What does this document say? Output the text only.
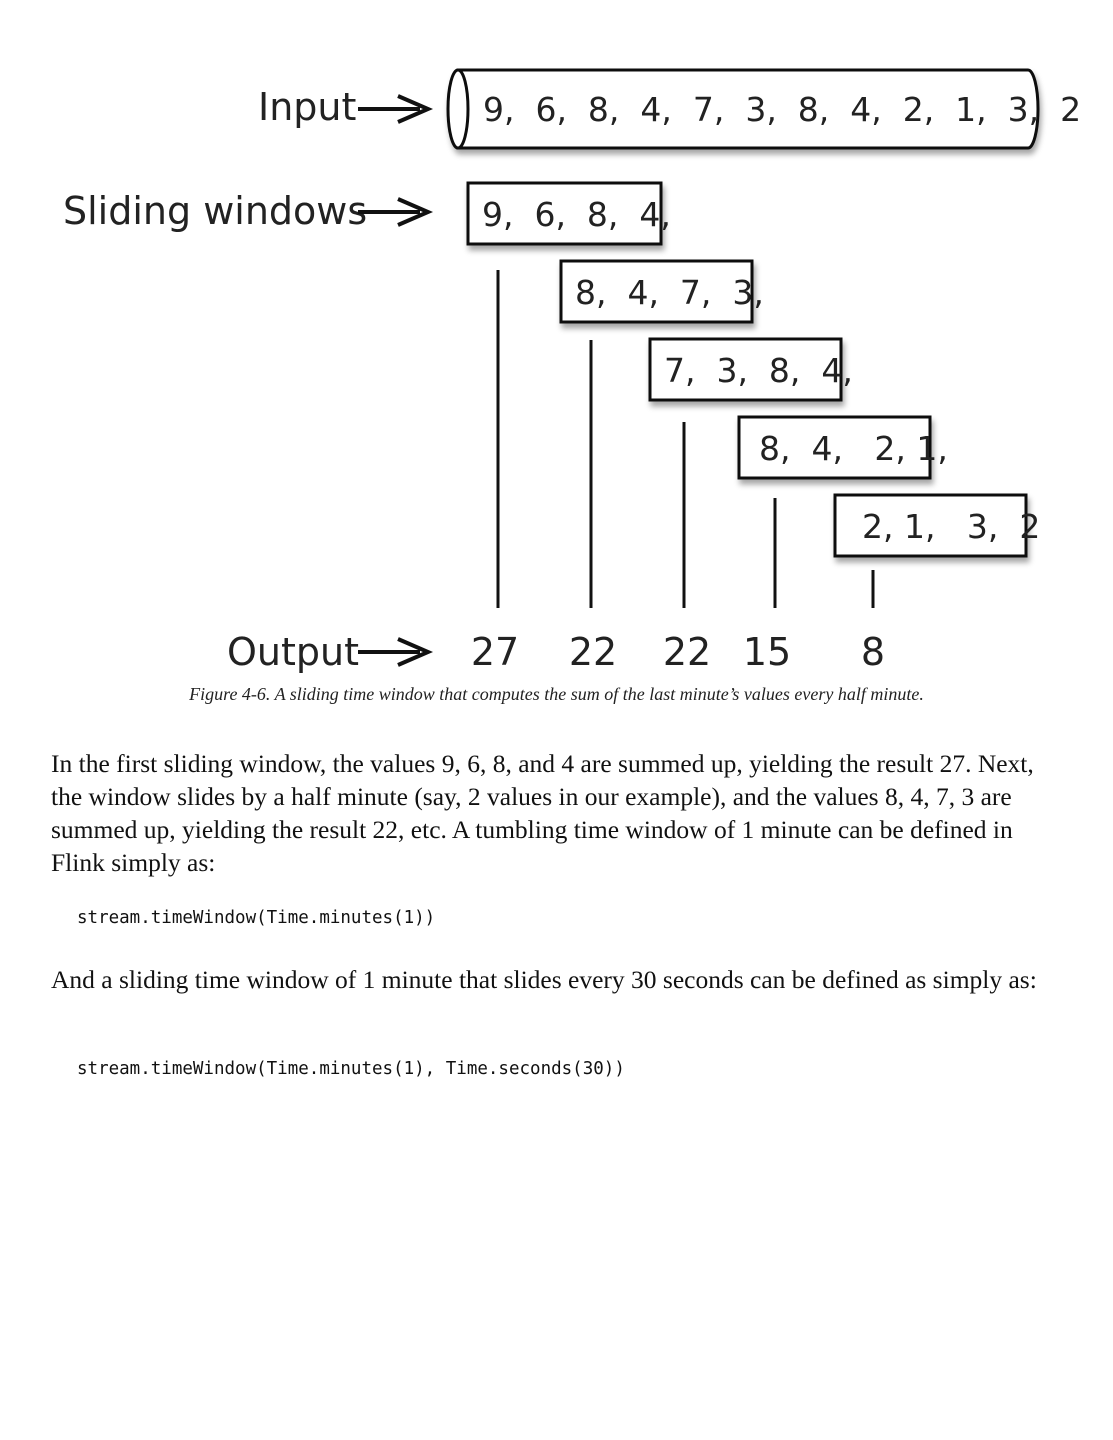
Input	9,  6,  8,  4,  7,  3,  8,  4,  2,  1,  3,  2
Sliding windows	9,  6,  8,  4,
8,  4,  7,  3,
7,  3,  8,  4,
8,  4,   2, 1,
2, 1,   3,  2
Output	27 22 22 15 8

Figure 4-6. A sliding time window that computes the sum of the last minute’s values every half minute.

In the first sliding window, the values 9, 6, 8, and 4 are summed up, yielding the result 27. Next, the window slides by a half minute (say, 2 values in our example), and the values 8, 4, 7, 3 are summed up, yielding the result 22, etc. A tumbling time window of 1 minute can be defined in Flink simply as:

stream.timeWindow(Time.minutes(1))

And a sliding time window of 1 minute that slides every 30 seconds can be defined as simply as:

stream.timeWindow(Time.minutes(1), Time.seconds(30))
